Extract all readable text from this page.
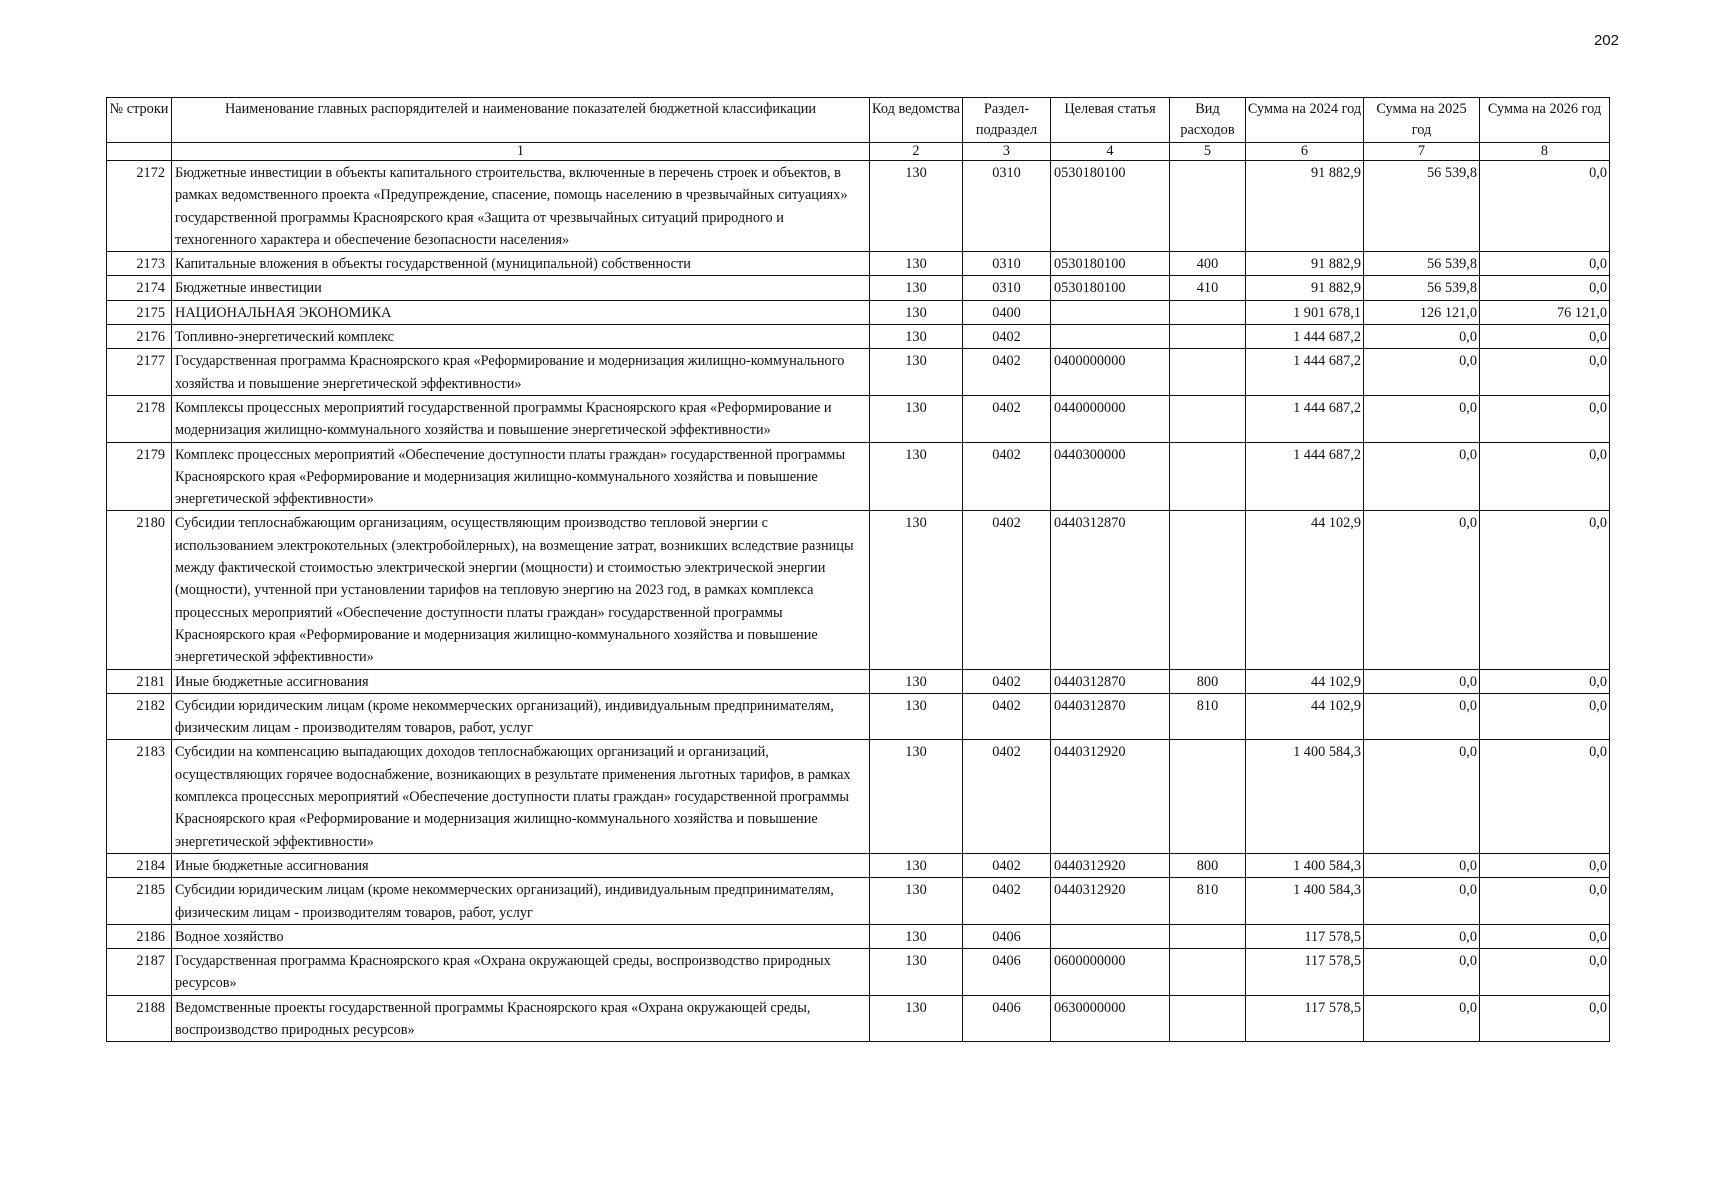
202
№ строки	Наименование главных распорядителей и наименование показателей бюджетной классификации	Код ведомства	Раздел-подраздел	Целевая статья	Вид расходов	Сумма на 2024 год	Сумма на 2025 год	Сумма на 2026 год
	1	2	3	4	5	6	7	8
2172	Бюджетные инвестиции в объекты капитального строительства, включенные в перечень строек и объектов, в рамках ведомственного проекта «Предупреждение, спасение, помощь населению в чрезвычайных ситуациях» государственной программы Красноярского края «Защита от чрезвычайных ситуаций природного и техногенного характера и обеспечение безопасности населения»	130	0310	0530180100		91 882,9	56 539,8	0,0
2173	Капитальные вложения в объекты государственной (муниципальной) собственности	130	0310	0530180100	400	91 882,9	56 539,8	0,0
2174	Бюджетные инвестиции	130	0310	0530180100	410	91 882,9	56 539,8	0,0
2175	НАЦИОНАЛЬНАЯ ЭКОНОМИКА	130	0400			1 901 678,1	126 121,0	76 121,0
2176	Топливно-энергетический комплекс	130	0402			1 444 687,2	0,0	0,0
2177	Государственная программа Красноярского края «Реформирование и модернизация жилищно-коммунального хозяйства и повышение энергетической эффективности»	130	0402	0400000000		1 444 687,2	0,0	0,0
2178	Комплексы процессных мероприятий государственной программы Красноярского края «Реформирование и модернизация жилищно-коммунального хозяйства и повышение энергетической эффективности»	130	0402	0440000000		1 444 687,2	0,0	0,0
2179	Комплекс процессных мероприятий «Обеспечение доступности платы граждан» государственной программы Красноярского края «Реформирование и модернизация жилищно-коммунального хозяйства и повышение энергетической эффективности»	130	0402	0440300000		1 444 687,2	0,0	0,0
2180	Субсидии теплоснабжающим организациям, осуществляющим производство тепловой энергии с использованием электрокотельных (электробойлерных), на возмещение затрат, возникших вследствие разницы между фактической стоимостью электрической энергии (мощности) и стоимостью электрической энергии (мощности), учтенной при установлении тарифов на тепловую энергию на 2023 год, в рамках комплекса процессных мероприятий «Обеспечение доступности платы граждан» государственной программы Красноярского края «Реформирование и модернизация жилищно-коммунального хозяйства и повышение энергетической эффективности»	130	0402	0440312870		44 102,9	0,0	0,0
2181	Иные бюджетные ассигнования	130	0402	0440312870	800	44 102,9	0,0	0,0
2182	Субсидии юридическим лицам (кроме некоммерческих организаций), индивидуальным предпринимателям, физическим лицам - производителям товаров, работ, услуг	130	0402	0440312870	810	44 102,9	0,0	0,0
2183	Субсидии на компенсацию выпадающих доходов теплоснабжающих организаций и организаций, осуществляющих горячее водоснабжение, возникающих в результате применения льготных тарифов, в рамках комплекса процессных мероприятий «Обеспечение доступности платы граждан» государственной программы Красноярского края «Реформирование и модернизация жилищно-коммунального хозяйства и повышение энергетической эффективности»	130	0402	0440312920		1 400 584,3	0,0	0,0
2184	Иные бюджетные ассигнования	130	0402	0440312920	800	1 400 584,3	0,0	0,0
2185	Субсидии юридическим лицам (кроме некоммерческих организаций), индивидуальным предпринимателям, физическим лицам - производителям товаров, работ, услуг	130	0402	0440312920	810	1 400 584,3	0,0	0,0
2186	Водное хозяйство	130	0406			117 578,5	0,0	0,0
2187	Государственная программа Красноярского края «Охрана окружающей среды, воспроизводство природных ресурсов»	130	0406	0600000000		117 578,5	0,0	0,0
2188	Ведомственные проекты государственной программы Красноярского края «Охрана окружающей среды, воспроизводство природных ресурсов»	130	0406	0630000000		117 578,5	0,0	0,0
